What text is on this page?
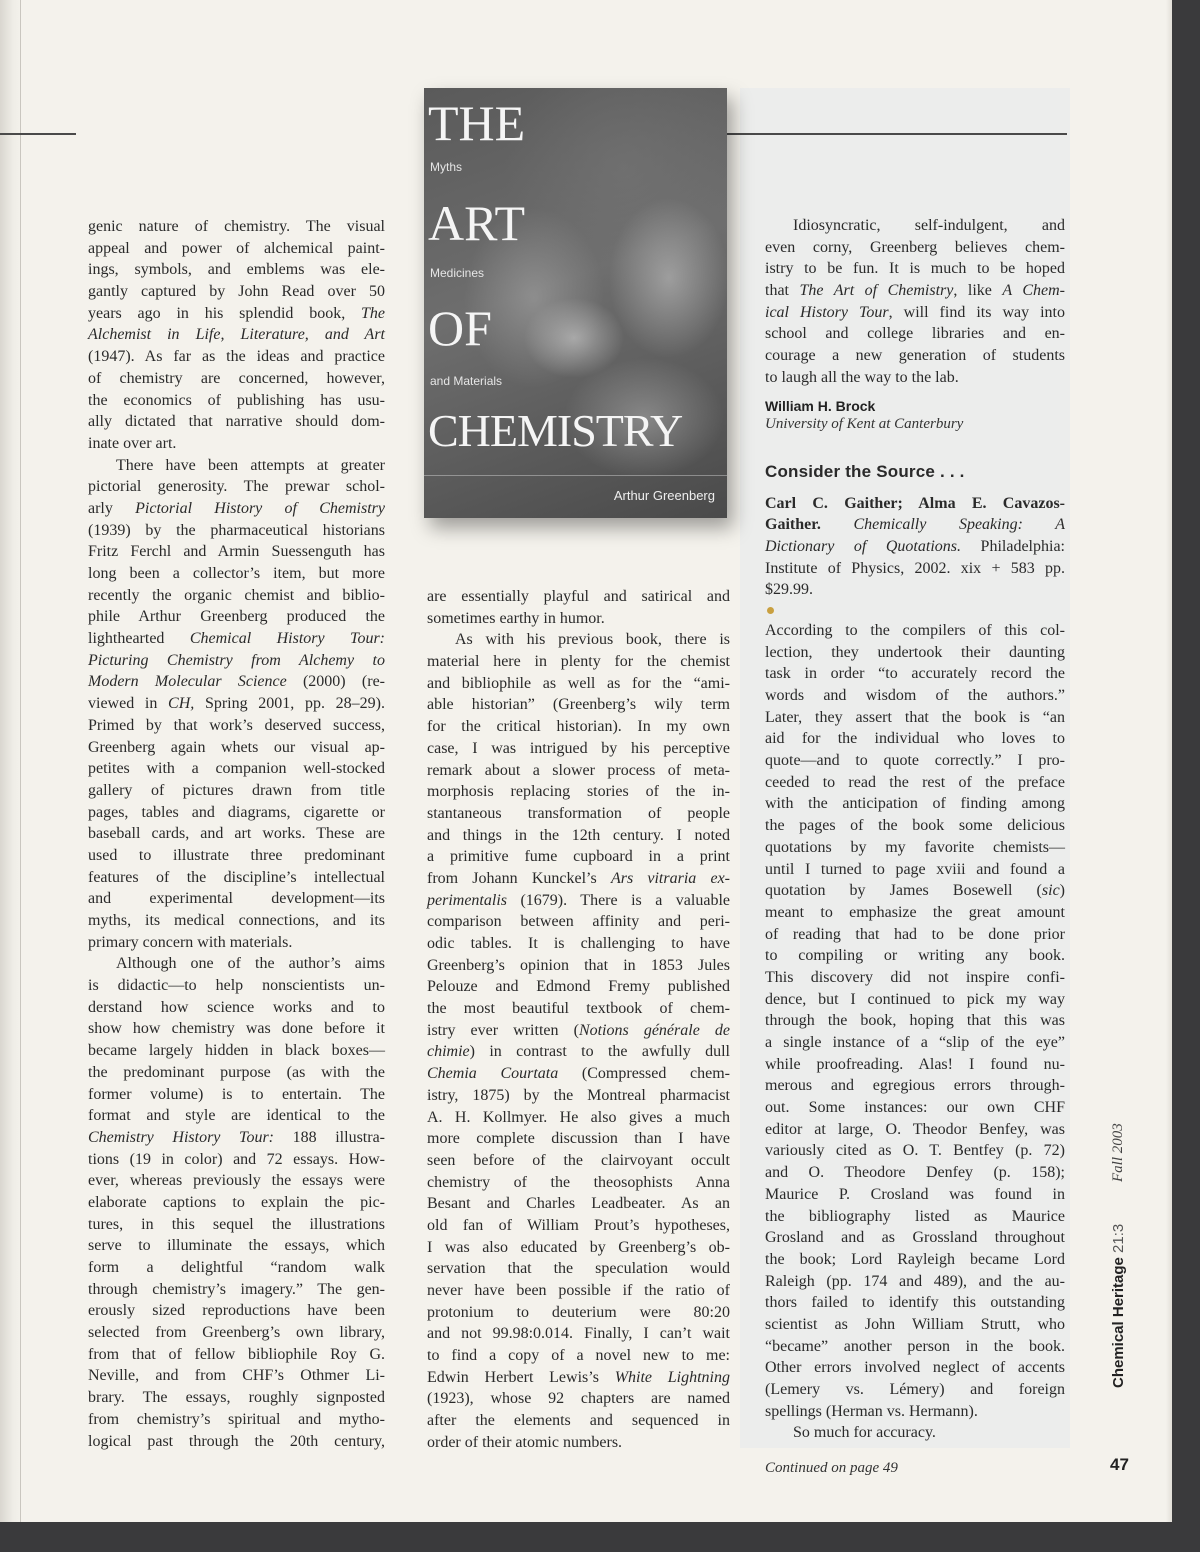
THE
Myths
ART
Medicines
OF
and Materials
CHEMISTRY
Arthur Greenberg
genic nature of chemistry. The visual
appeal and power of alchemical paint-
ings, symbols, and emblems was ele-
gantly captured by John Read over 50
years ago in his splendid book, The
Alchemist in Life, Literature, and Art
(1947). As far as the ideas and practice
of chemistry are concerned, however,
the economics of publishing has usu-
ally dictated that narrative should dom-
inate over art.
There have been attempts at greater
pictorial generosity. The prewar schol-
arly Pictorial History of Chemistry
(1939) by the pharmaceutical historians
Fritz Ferchl and Armin Suessenguth has
long been a collector’s item, but more
recently the organic chemist and biblio-
phile Arthur Greenberg produced the
lighthearted Chemical History Tour:
Picturing Chemistry from Alchemy to
Modern Molecular Science (2000) (re-
viewed in CH, Spring 2001, pp. 28–29).
Primed by that work’s deserved success,
Greenberg again whets our visual ap-
petites with a companion well-stocked
gallery of pictures drawn from title
pages, tables and diagrams, cigarette or
baseball cards, and art works. These are
used to illustrate three predominant
features of the discipline’s intellectual
and experimental development—its
myths, its medical connections, and its
primary concern with materials.
Although one of the author’s aims
is didactic—to help nonscientists un-
derstand how science works and to
show how chemistry was done before it
became largely hidden in black boxes—
the predominant purpose (as with the
former volume) is to entertain. The
format and style are identical to the
Chemistry History Tour: 188 illustra-
tions (19 in color) and 72 essays. How-
ever, whereas previously the essays were
elaborate captions to explain the pic-
tures, in this sequel the illustrations
serve to illuminate the essays, which
form a delightful “random walk
through chemistry’s imagery.” The gen-
erously sized reproductions have been
selected from Greenberg’s own library,
from that of fellow bibliophile Roy G.
Neville, and from CHF’s Othmer Li-
brary. The essays, roughly signposted
from chemistry’s spiritual and mytho-
logical past through the 20th century,
are essentially playful and satirical and
sometimes earthy in humor.
As with his previous book, there is
material here in plenty for the chemist
and bibliophile as well as for the “ami-
able historian” (Greenberg’s wily term
for the critical historian). In my own
case, I was intrigued by his perceptive
remark about a slower process of meta-
morphosis replacing stories of the in-
stantaneous transformation of people
and things in the 12th century. I noted
a primitive fume cupboard in a print
from Johann Kunckel’s Ars vitraria ex-
perimentalis (1679). There is a valuable
comparison between affinity and peri-
odic tables. It is challenging to have
Greenberg’s opinion that in 1853 Jules
Pelouze and Edmond Fremy published
the most beautiful textbook of chem-
istry ever written (Notions générale de
chimie) in contrast to the awfully dull
Chemia Courtata (Compressed chem-
istry, 1875) by the Montreal pharmacist
A. H. Kollmyer. He also gives a much
more complete discussion than I have
seen before of the clairvoyant occult
chemistry of the theosophists Anna
Besant and Charles Leadbeater. As an
old fan of William Prout’s hypotheses,
I was also educated by Greenberg’s ob-
servation that the speculation would
never have been possible if the ratio of
protonium to deuterium were 80:20
and not 99.98:0.014. Finally, I can’t wait
to find a copy of a novel new to me:
Edwin Herbert Lewis’s White Lightning
(1923), whose 92 chapters are named
after the elements and sequenced in
order of their atomic numbers.
Idiosyncratic, self-indulgent, and
even corny, Greenberg believes chem-
istry to be fun. It is much to be hoped
that The Art of Chemistry, like A Chem-
ical History Tour, will find its way into
school and college libraries and en-
courage a new generation of students
to laugh all the way to the lab.
William H. Brock
University of Kent at Canterbury
Consider the Source . . .
Carl C. Gaither; Alma E. Cavazos-
Gaither. Chemically Speaking: A
Dictionary of Quotations. Philadelphia:
Institute of Physics, 2002. xix + 583 pp.
$29.99.
According to the compilers of this col-
lection, they undertook their daunting
task in order “to accurately record the
words and wisdom of the authors.”
Later, they assert that the book is “an
aid for the individual who loves to
quote—and to quote correctly.” I pro-
ceeded to read the rest of the preface
with the anticipation of finding among
the pages of the book some delicious
quotations by my favorite chemists—
until I turned to page xviii and found a
quotation by James Bosewell (sic)
meant to emphasize the great amount
of reading that had to be done prior
to compiling or writing any book.
This discovery did not inspire confi-
dence, but I continued to pick my way
through the book, hoping that this was
a single instance of a “slip of the eye”
while proofreading. Alas! I found nu-
merous and egregious errors through-
out. Some instances: our own CHF
editor at large, O. Theodor Benfey, was
variously cited as O. T. Bentfey (p. 72)
and O. Theodore Denfey (p. 158);
Maurice P. Crosland was found in
the bibliography listed as Maurice
Grosland and as Grossland throughout
the book; Lord Rayleigh became Lord
Raleigh (pp. 174 and 489), and the au-
thors failed to identify this outstanding
scientist as John William Strutt, who
“became” another person in the book.
Other errors involved neglect of accents
(Lemery vs. Lémery) and foreign
spellings (Herman vs. Hermann).
So much for accuracy.
Continued on page 49
Fall 2003
Chemical Heritage 21:3
47
